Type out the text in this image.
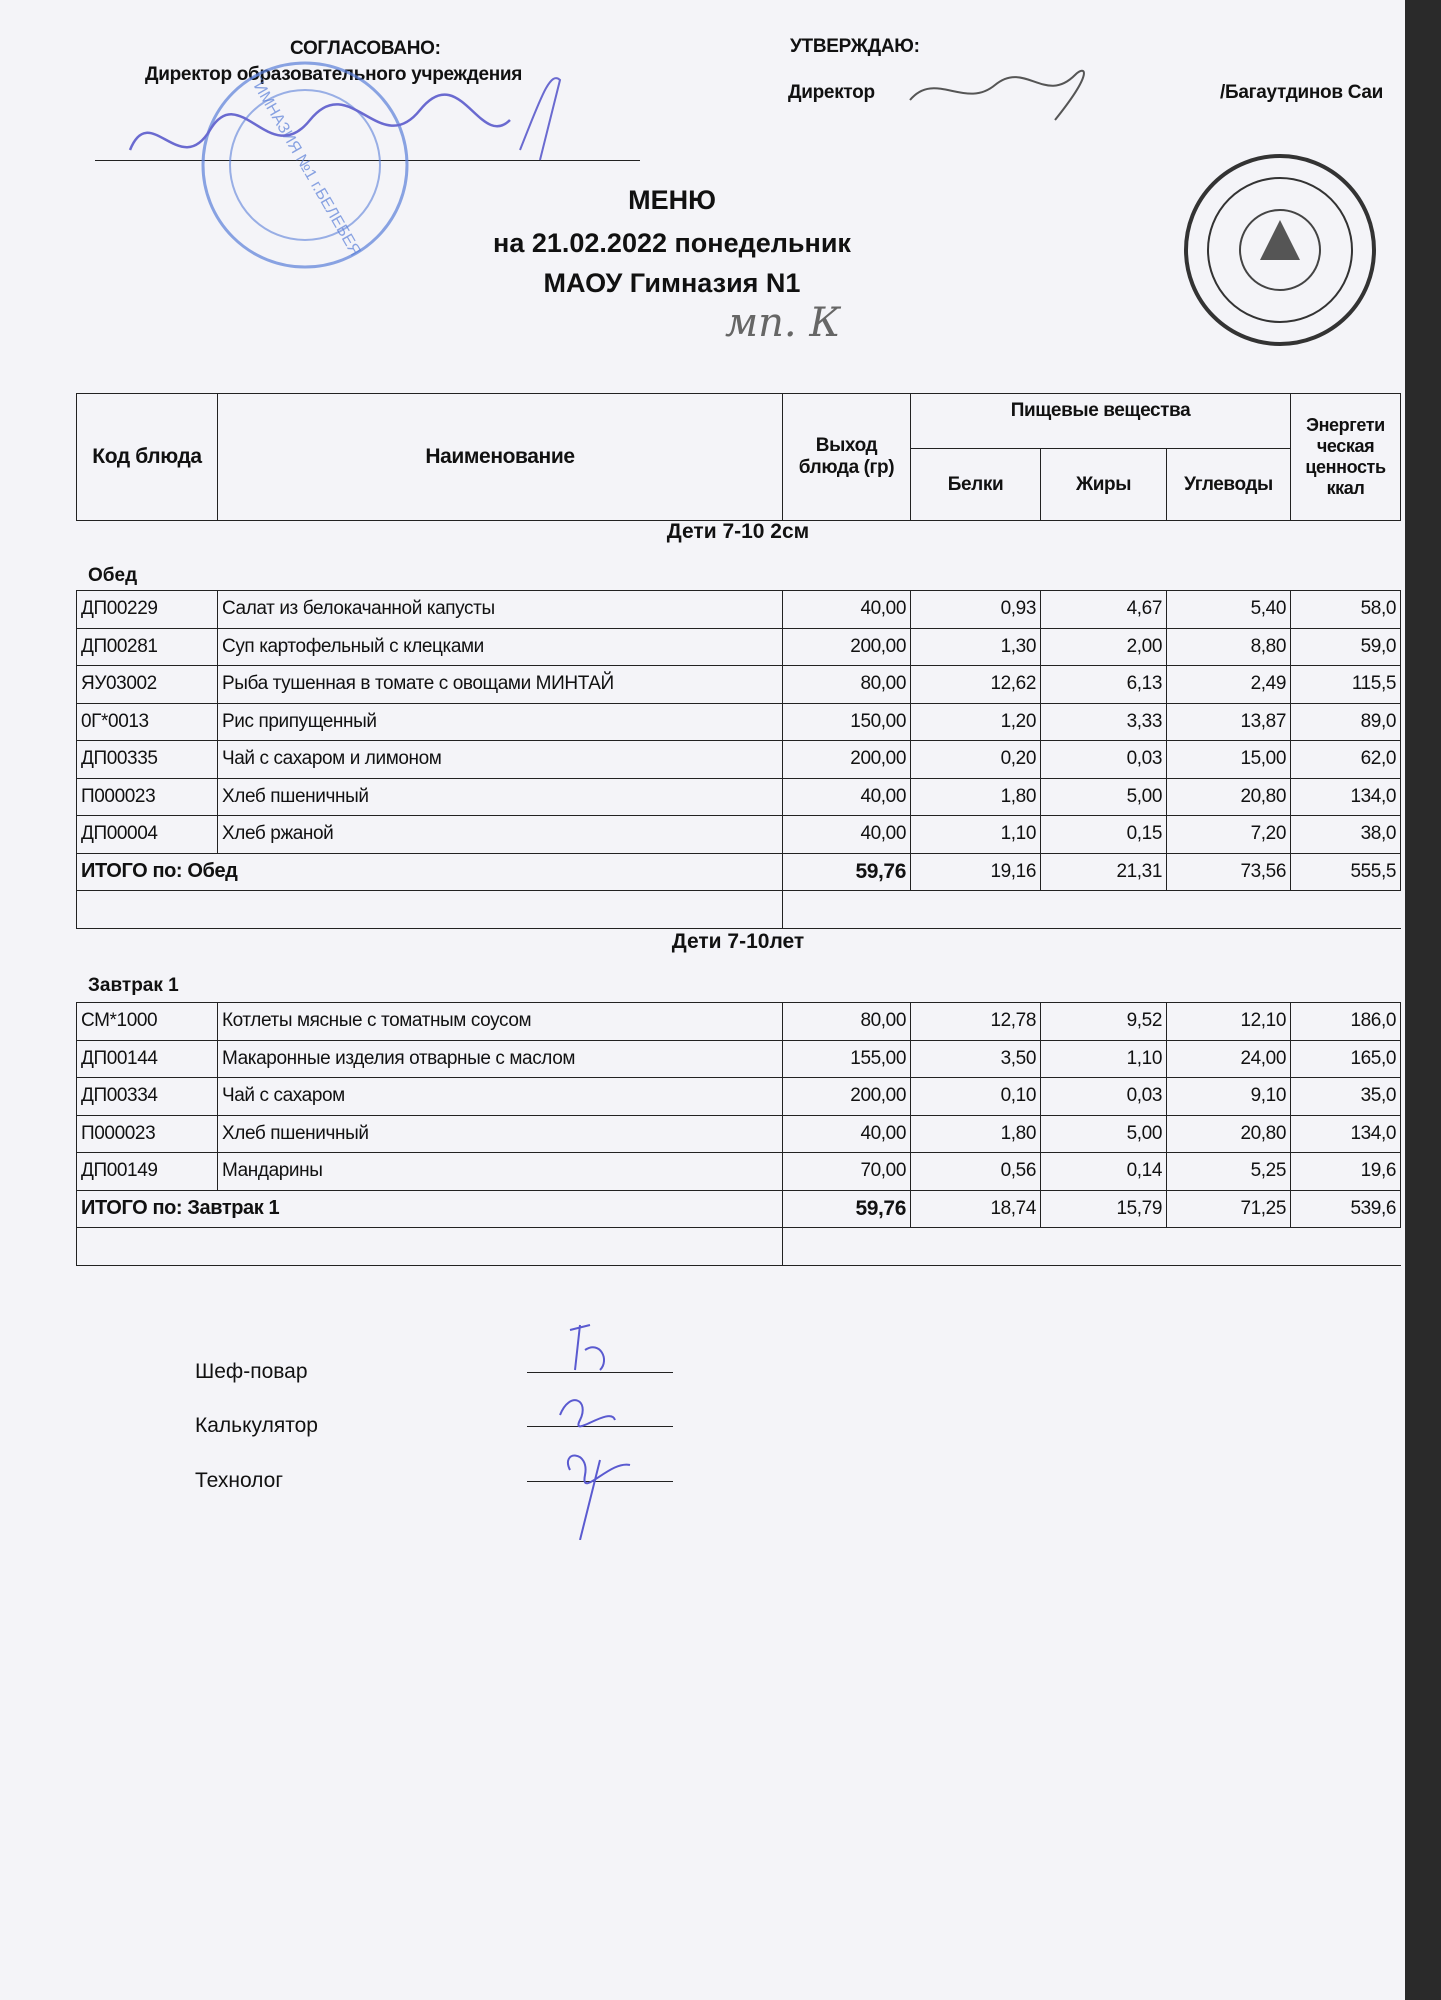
СОГЛАСОВАНО:
Директор образовательного учреждения
ГИМНАЗИЯ №1 г.БЕЛЕБЕЯ
УТВЕРЖДАЮ:
Директор	/Багаутдинов Саи
МЕНЮ
на 21.02.2022 понедельник
МАОУ Гимназия N1
мп. К
Код блюда	Наименование	Выход блюда (гр)	Пищевые вещества			Энергети ческая ценность ккал
			Белки	Жиры	Углеводы	
Дети 7-10 2см
Обед
ДП00229	Салат из белокачанной капусты	40,00	0,93	4,67	5,40	58,0
ДП00281	Суп картофельный с клецками	200,00	1,30	2,00	8,80	59,0
ЯУ03002	Рыба тушенная в томате с овощами МИНТАЙ	80,00	12,62	6,13	2,49	115,5
0Г*0013	Рис припущенный	150,00	1,20	3,33	13,87	89,0
ДП00335	Чай с сахаром и лимоном	200,00	0,20	0,03	15,00	62,0
П000023	Хлеб пшеничный	40,00	1,80	5,00	20,80	134,0
ДП00004	Хлеб ржаной	40,00	1,10	0,15	7,20	38,0
ИТОГО по: Обед		59,76	19,16	21,31	73,56	555,5

Дети 7-10лет
Завтрак 1
СМ*1000	Котлеты мясные с томатным соусом	80,00	12,78	9,52	12,10	186,0
ДП00144	Макаронные изделия отварные с маслом	155,00	3,50	1,10	24,00	165,0
ДП00334	Чай с сахаром	200,00	0,10	0,03	9,10	35,0
П000023	Хлеб пшеничный	40,00	1,80	5,00	20,80	134,0
ДП00149	Мандарины	70,00	0,56	0,14	5,25	19,6
ИТОГО по: Завтрак 1		59,76	18,74	15,79	71,25	539,6

Шеф-повар
Калькулятор
Технолог
